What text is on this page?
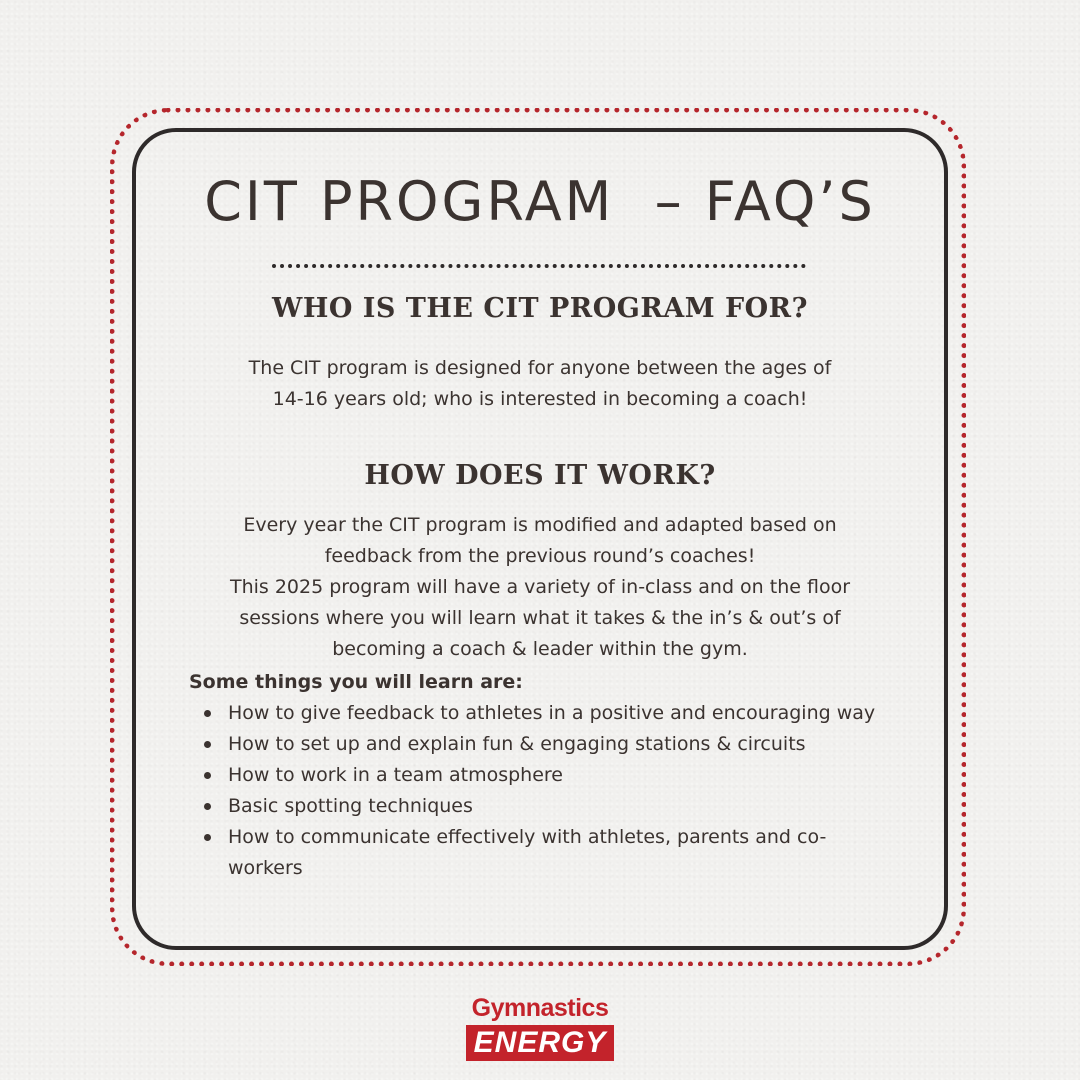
CIT PROGRAM  – FAQ’S
WHO IS THE CIT PROGRAM FOR?

The CIT program is designed for anyone between the ages of
14-16 years old; who is interested in becoming a coach!

HOW DOES IT WORK?

Every year the CIT program is modified and adapted based on
feedback from the previous round’s coaches!
This 2025 program will have a variety of in-class and on the floor
sessions where you will learn what it takes & the in’s & out’s of
becoming a coach & leader within the gym.

Some things you will learn are:

How to give feedback to athletes in a positive and encouraging way
How to set up and explain fun & engaging stations & circuits
How to work in a team atmosphere
Basic spotting techniques
How to communicate effectively with athletes, parents and co-workers
Gymnastics
ENERGY
